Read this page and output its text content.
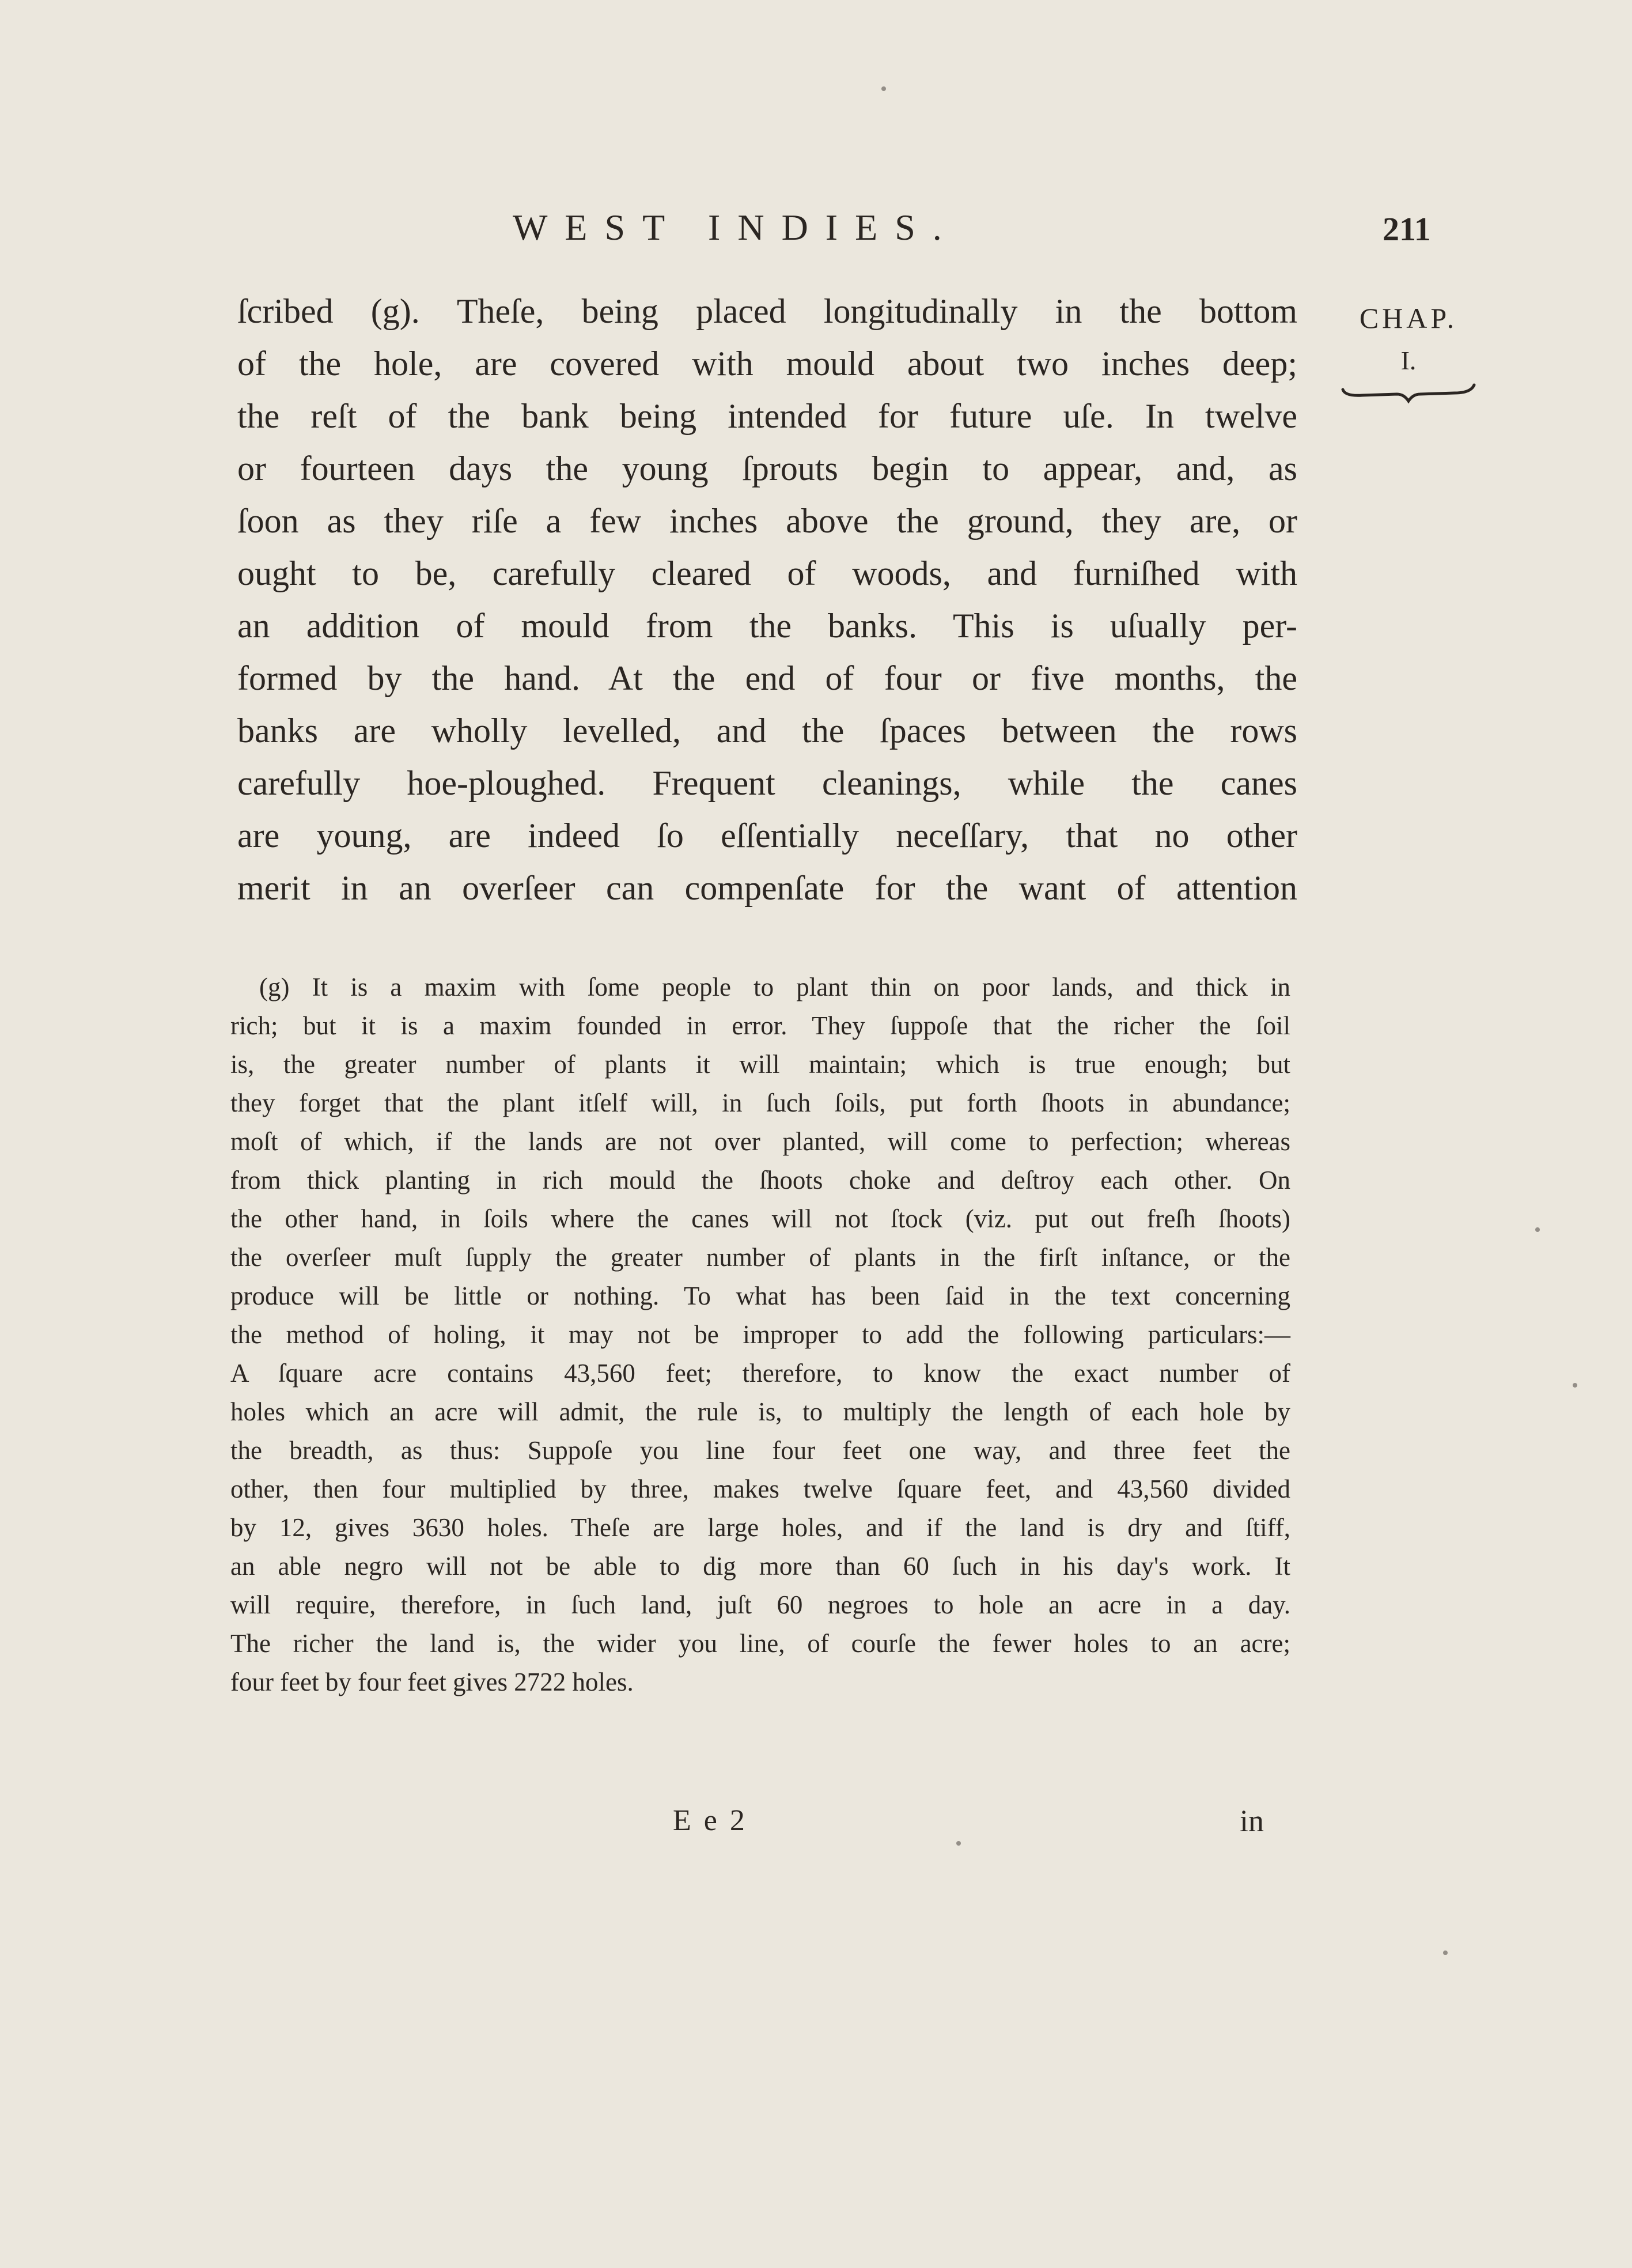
WEST INDIES.	211
CHAP.
I.
ſcribed (g). Theſe, being placed longitudinally in the bottom
of the hole, are covered with mould about two inches deep;
the reſt of the bank being intended for future uſe. In twelve
or fourteen days the young ſprouts begin to appear, and, as
ſoon as they riſe a few inches above the ground, they are, or
ought to be, carefully cleared of woods, and furniſhed with
an addition of mould from the banks. This is uſually per-
formed by the hand. At the end of four or five months, the
banks are wholly levelled, and the ſpaces between the rows
carefully hoe-ploughed. Frequent cleanings, while the canes
are young, are indeed ſo eſſentially neceſſary, that no other
merit in an overſeer can compenſate for the want of attention
(g) It is a maxim with ſome people to plant thin on poor lands, and thick in
rich; but it is a maxim founded in error. They ſuppoſe that the richer the ſoil
is, the greater number of plants it will maintain; which is true enough; but
they forget that the plant itſelf will, in ſuch ſoils, put forth ſhoots in abundance;
moſt of which, if the lands are not over planted, will come to perfection; whereas
from thick planting in rich mould the ſhoots choke and deſtroy each other. On
the other hand, in ſoils where the canes will not ſtock (viz. put out freſh ſhoots)
the overſeer muſt ſupply the greater number of plants in the firſt inſtance, or the
produce will be little or nothing. To what has been ſaid in the text concerning
the method of holing, it may not be improper to add the following particulars:—
A ſquare acre contains 43,560 feet; therefore, to know the exact number of
holes which an acre will admit, the rule is, to multiply the length of each hole by
the breadth, as thus: Suppoſe you line four feet one way, and three feet the
other, then four multiplied by three, makes twelve ſquare feet, and 43,560 divided
by 12, gives 3630 holes. Theſe are large holes, and if the land is dry and ſtiff,
an able negro will not be able to dig more than 60 ſuch in his day's work. It
will require, therefore, in ſuch land, juſt 60 negroes to hole an acre in a day.
The richer the land is, the wider you line, of courſe the fewer holes to an acre;
four feet by four feet gives 2722 holes.
Ee2	in
